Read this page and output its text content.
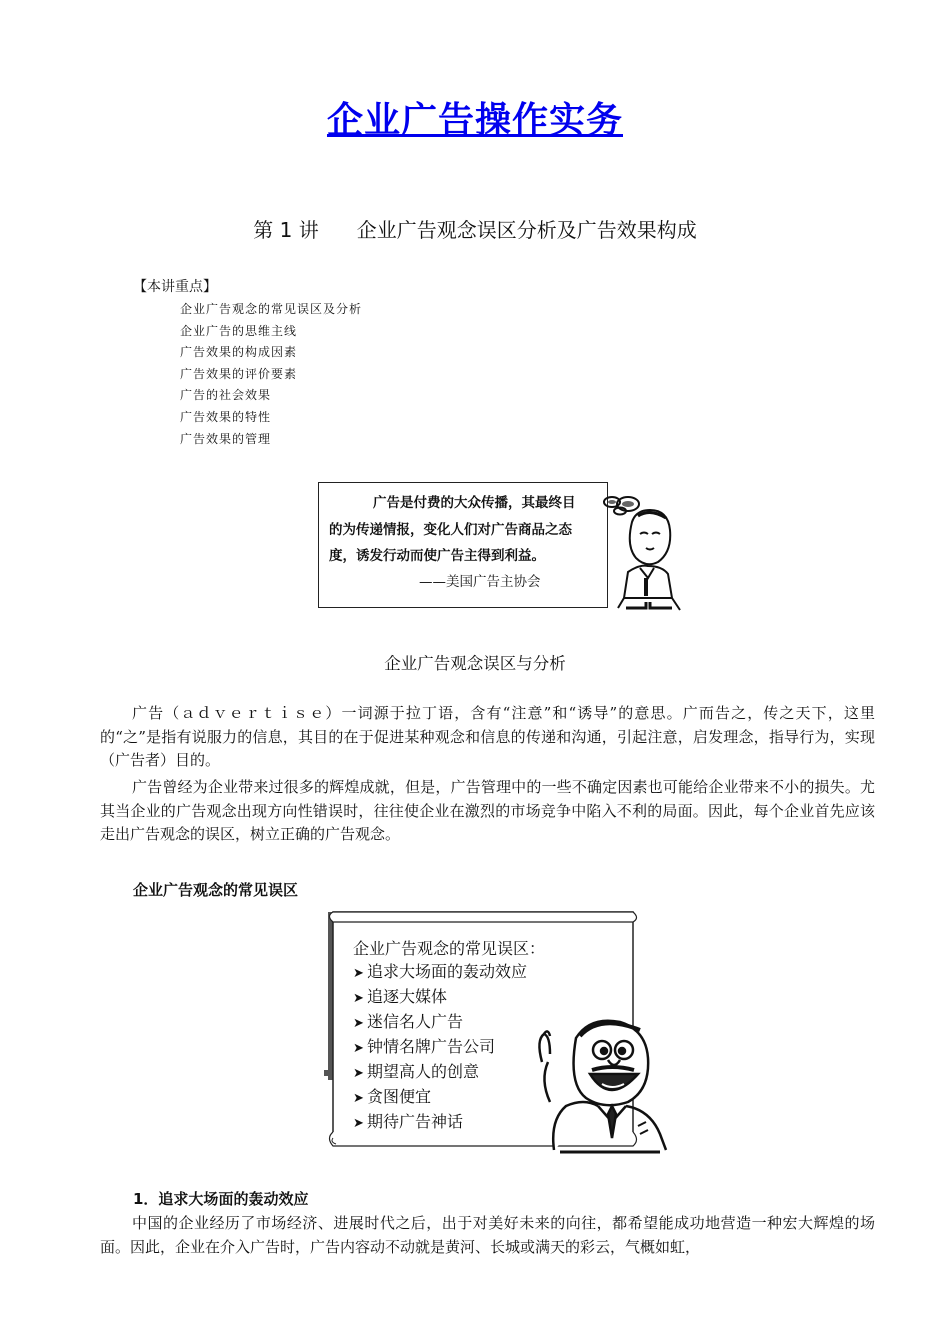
企业广告操作实务
第 1 讲 企业广告观念误区分析及广告效果构成
【本讲重点】
企业广告观念的常见误区及分析
企业广告的思维主线
广告效果的构成因素
广告效果的评价要素
广告的社会效果
广告效果的特性
广告效果的管理
广告是付费的大众传播，其最终目
的为传递情报，变化人们对广告商品之态
度，诱发行动而使广告主得到利益。
——美国广告主协会
企业广告观念误区与分析

广告（ａｄｖｅｒｔｉｓｅ）一词源于拉丁语，含有“注意”和“诱导”的意思。广而告之，传之天下，这里的“之”是指有说服力的信息，其目的在于促进某种观念和信息的传递和沟通，引起注意，启发理念，指导行为，实现（广告者）目的。

广告曾经为企业带来过很多的辉煌成就，但是，广告管理中的一些不确定因素也可能给企业带来不小的损失。尤其当企业的广告观念出现方向性错误时，往往使企业在激烈的市场竞争中陷入不利的局面。因此，每个企业首先应该走出广告观念的误区，树立正确的广告观念。

企业广告观念的常见误区
企业广告观念的常见误区：
➤ 追求大场面的轰动效应
➤ 追逐大媒体
➤ 迷信名人广告
➤ 钟情名牌广告公司
➤ 期望高人的创意
➤ 贪图便宜
➤ 期待广告神话
1．追求大场面的轰动效应

中国的企业经历了市场经济、进展时代之后，出于对美好未来的向往，都希望能成功地营造一种宏大辉煌的场面。因此，企业在介入广告时，广告内容动不动就是黄河、长城或满天的彩云，气概如虹，
